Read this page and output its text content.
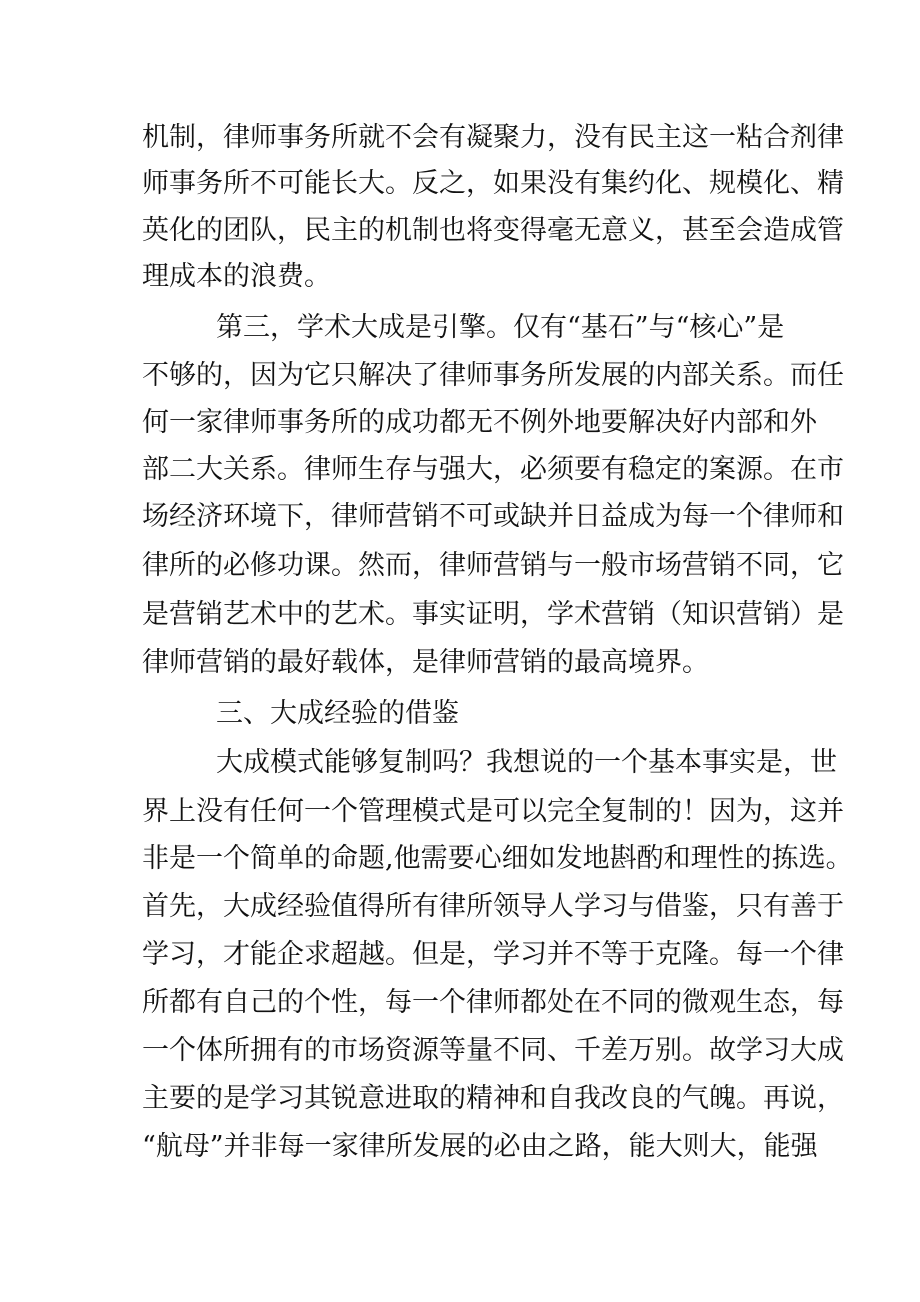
机制，律师事务所就不会有凝聚力，没有民主这一粘合剂律
师事务所不可能长大。反之，如果没有集约化、规模化、精
英化的团队，民主的机制也将变得毫无意义，甚至会造成管
理成本的浪费。
第三，学术大成是引擎。仅有“基石”与“核心”是
不够的，因为它只解决了律师事务所发展的内部关系。而任
何一家律师事务所的成功都无不例外地要解决好内部和外
部二大关系。律师生存与强大，必须要有稳定的案源。在市
场经济环境下，律师营销不可或缺并日益成为每一个律师和
律所的必修功课。然而，律师营销与一般市场营销不同，它
是营销艺术中的艺术。事实证明，学术营销（知识营销）是
律师营销的最好载体，是律师营销的最高境界。
三、大成经验的借鉴
大成模式能够复制吗？我想说的一个基本事实是，世
界上没有任何一个管理模式是可以完全复制的！因为，这并
非是一个简单的命题,他需要心细如发地斟酌和理性的拣选。
首先，大成经验值得所有律所领导人学习与借鉴，只有善于
学习，才能企求超越。但是，学习并不等于克隆。每一个律
所都有自己的个性，每一个律师都处在不同的微观生态，每
一个体所拥有的市场资源等量不同、千差万别。故学习大成
主要的是学习其锐意进取的精神和自我改良的气魄。再说，
“航母”并非每一家律所发展的必由之路，能大则大，能强
